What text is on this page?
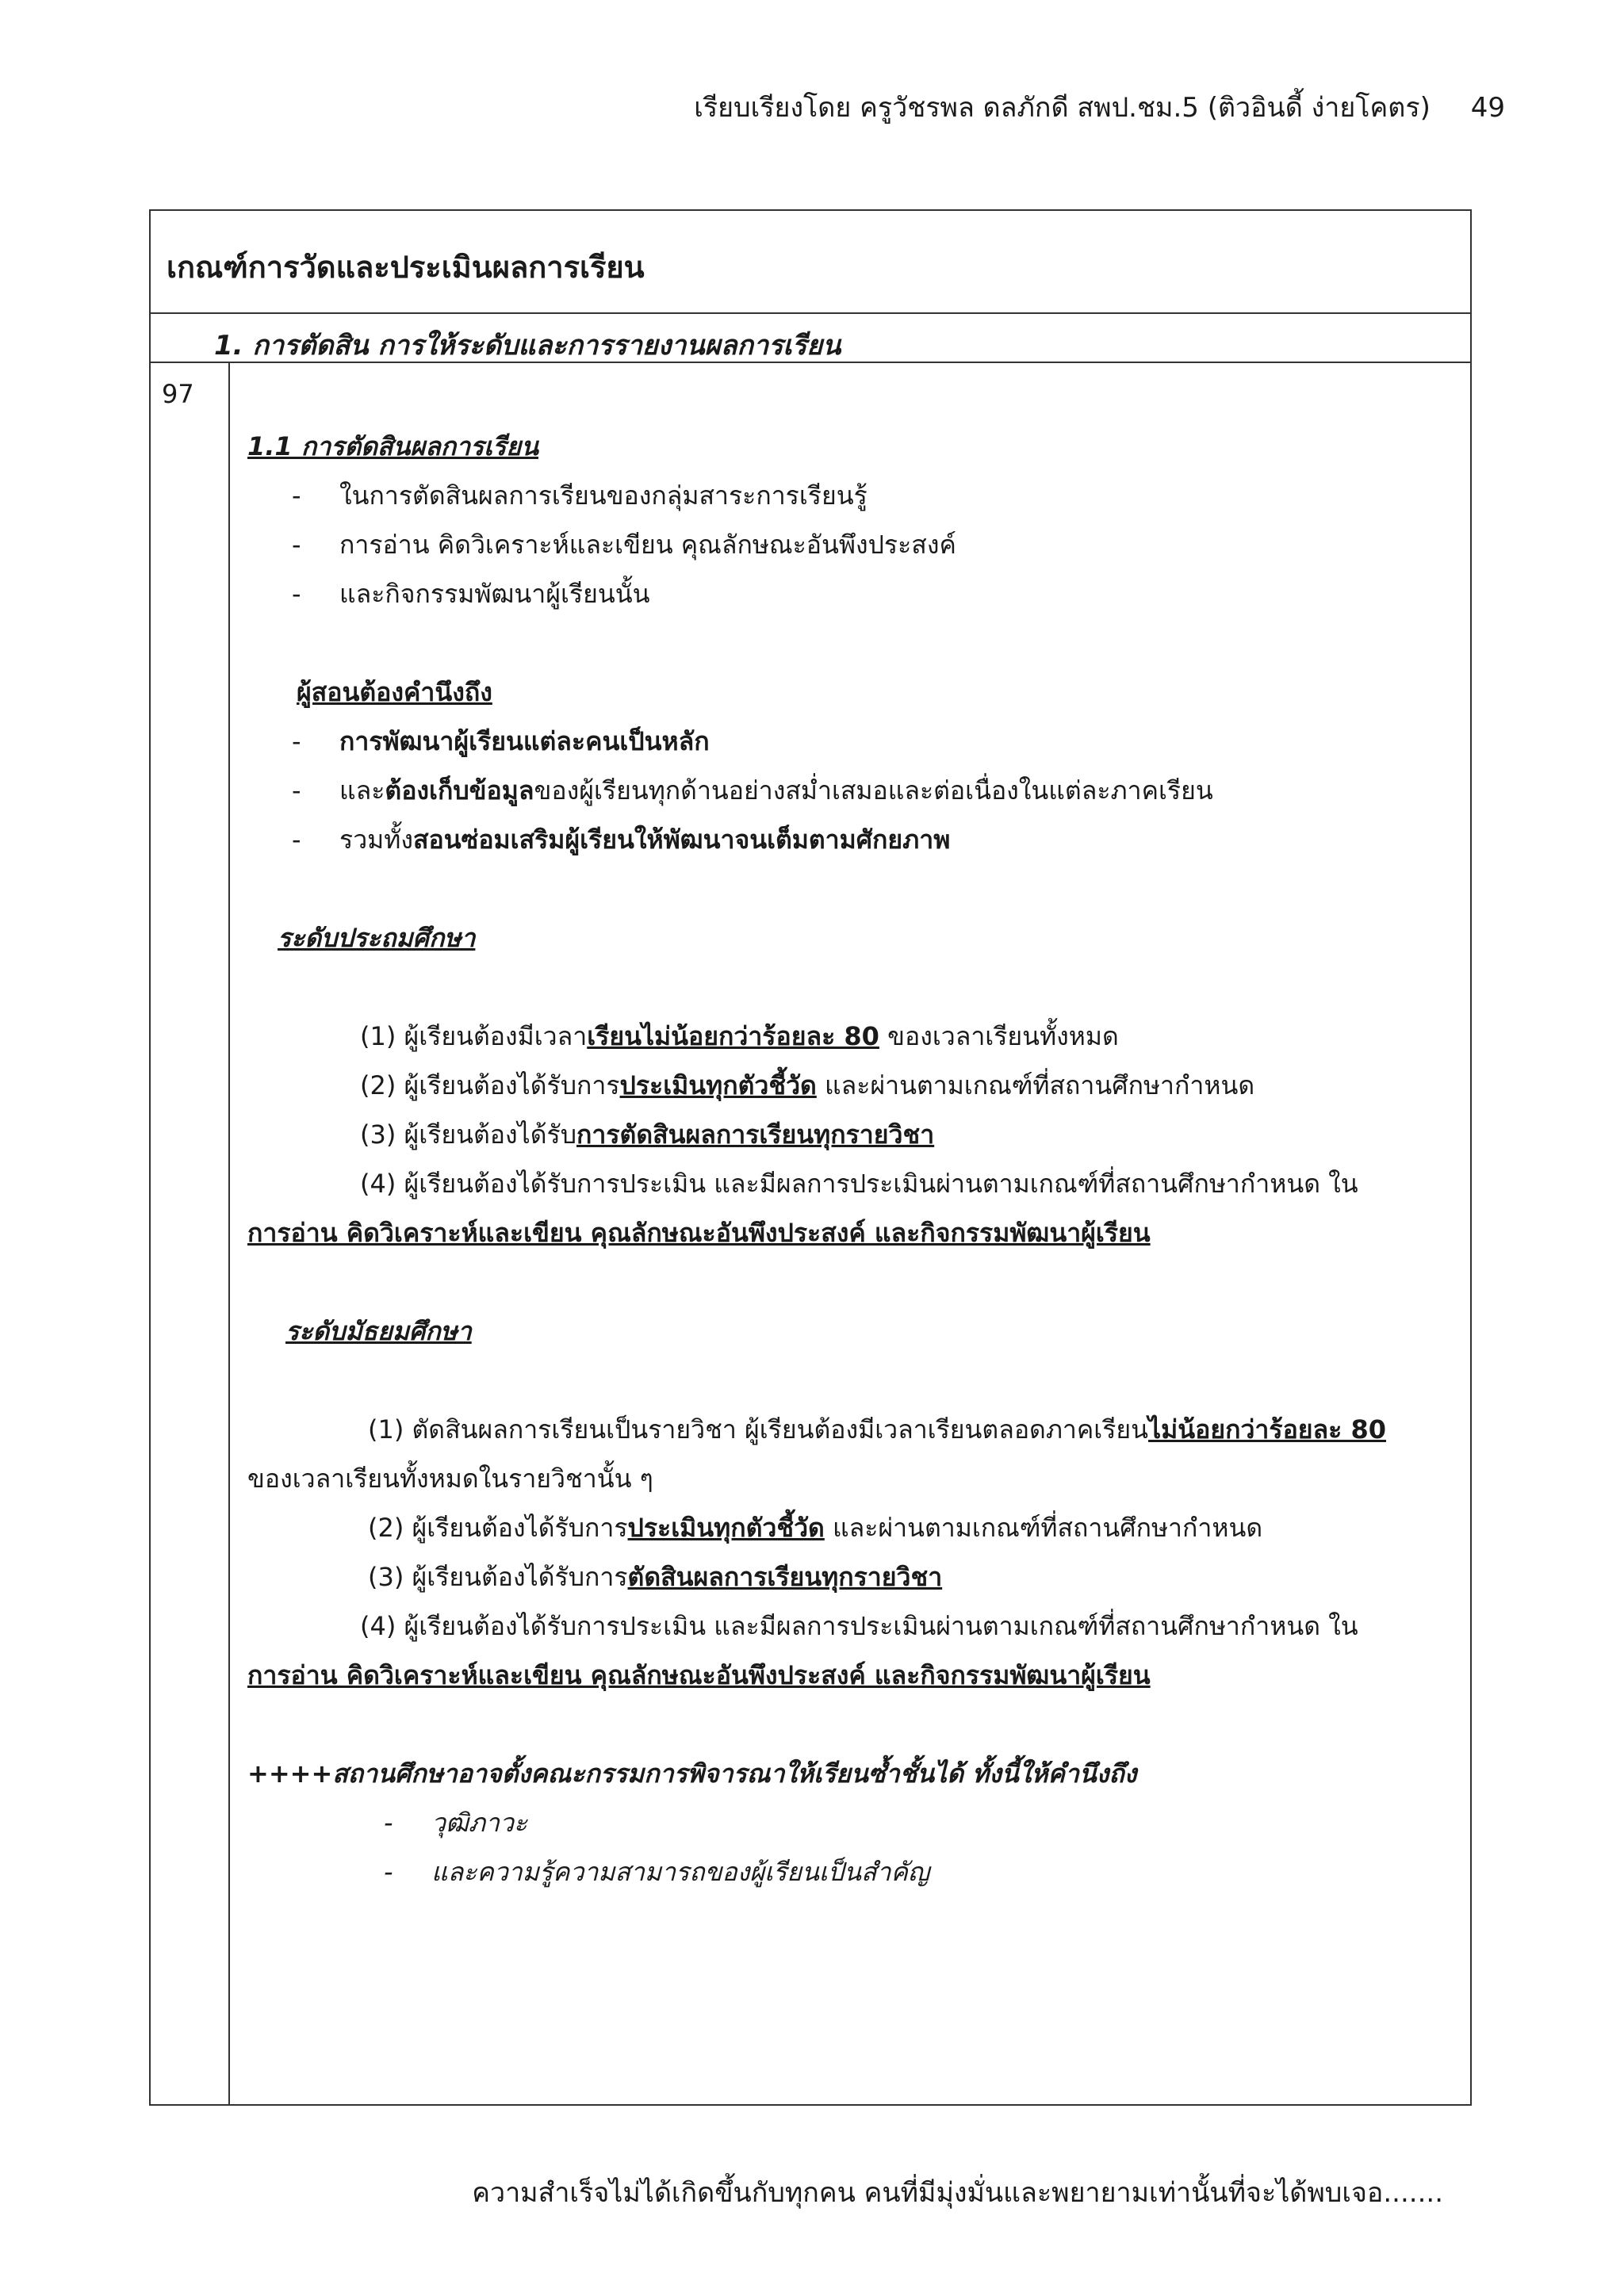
เรียบเรียงโดย ครูวัชรพล ดลภักดี สพป.ชม.5 (ติวอินดี้ ง่ายโคตร) 49
เกณฑ์การวัดและประเมินผลการเรียน
1. การตัดสิน การให้ระดับและการรายงานผลการเรียน
97
1.1 การตัดสินผลการเรียน
- ในการตัดสินผลการเรียนของกลุ่มสาระการเรียนรู้
- การอ่าน คิดวิเคราะห์และเขียน คุณลักษณะอันพึงประสงค์
- และกิจกรรมพัฒนาผู้เรียนนั้น
ผู้สอนต้องคำนึงถึง
- การพัฒนาผู้เรียนแต่ละคนเป็นหลัก
- และต้องเก็บข้อมูลของผู้เรียนทุกด้านอย่างสม่ำเสมอและต่อเนื่องในแต่ละภาคเรียน
- รวมทั้งสอนซ่อมเสริมผู้เรียนให้พัฒนาจนเต็มตามศักยภาพ
ระดับประถมศึกษา
(1) ผู้เรียนต้องมีเวลาเรียนไม่น้อยกว่าร้อยละ 80 ของเวลาเรียนทั้งหมด
(2) ผู้เรียนต้องได้รับการประเมินทุกตัวชี้วัด และผ่านตามเกณฑ์ที่สถานศึกษากำหนด
(3) ผู้เรียนต้องได้รับการตัดสินผลการเรียนทุกรายวิชา
(4) ผู้เรียนต้องได้รับการประเมิน และมีผลการประเมินผ่านตามเกณฑ์ที่สถานศึกษากำหนด ใน
การอ่าน คิดวิเคราะห์และเขียน คุณลักษณะอันพึงประสงค์ และกิจกรรมพัฒนาผู้เรียน
ระดับมัธยมศึกษา
(1) ตัดสินผลการเรียนเป็นรายวิชา ผู้เรียนต้องมีเวลาเรียนตลอดภาคเรียนไม่น้อยกว่าร้อยละ 80
ของเวลาเรียนทั้งหมดในรายวิชานั้น ๆ
(2) ผู้เรียนต้องได้รับการประเมินทุกตัวชี้วัด และผ่านตามเกณฑ์ที่สถานศึกษากำหนด
(3) ผู้เรียนต้องได้รับการตัดสินผลการเรียนทุกรายวิชา
(4) ผู้เรียนต้องได้รับการประเมิน และมีผลการประเมินผ่านตามเกณฑ์ที่สถานศึกษากำหนด ใน
การอ่าน คิดวิเคราะห์และเขียน คุณลักษณะอันพึงประสงค์ และกิจกรรมพัฒนาผู้เรียน
++++สถานศึกษาอาจตั้งคณะกรรมการพิจารณาให้เรียนซ้ำชั้นได้ ทั้งนี้ให้คำนึงถึง
- วุฒิภาวะ
- และความรู้ความสามารถของผู้เรียนเป็นสำคัญ
ความสำเร็จไม่ได้เกิดขึ้นกับทุกคน คนที่มีมุ่งมั่นและพยายามเท่านั้นที่จะได้พบเจอ.......
